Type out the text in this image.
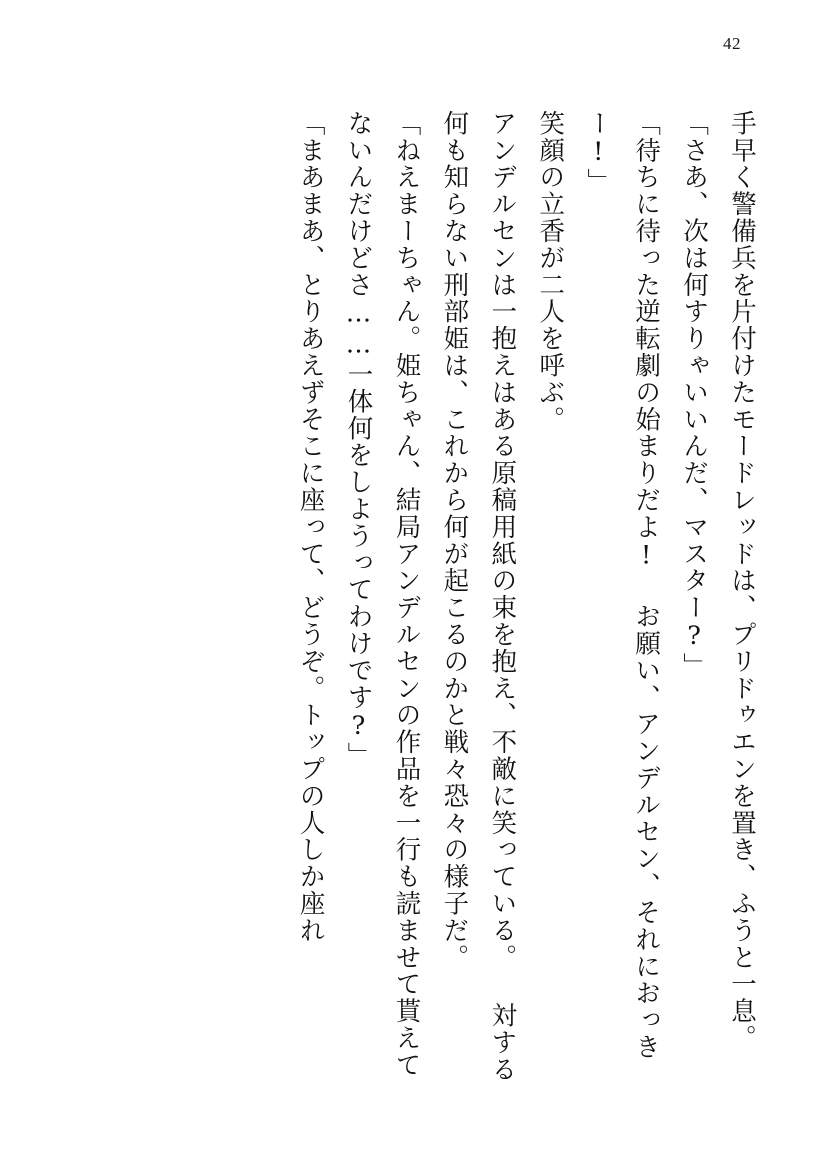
42

手早く警備兵を片付けたモードレッドは、プリドゥエンを置き、ふうと一息。

「さあ、次は何すりゃいいんだ、マスター?」

「待ちに待った逆転劇の始まりだよ! お願い、アンデルセン、それにおっきー!」

笑顔の立香が二人を呼ぶ。

アンデルセンは一抱えはある原稿用紙の束を抱え、不敵に笑っている。 対する何も知らない刑部姫は、これから何が起こるのかと戦々恐々の様子だ。

「ねえまーちゃん。姫ちゃん、結局アンデルセンの作品を一行も読ませて貰えてないんだけどさ……一体何をしようってわけです?」

「まあまあ、とりあえずそこに座って、どうぞ。トップの人しか座れ
